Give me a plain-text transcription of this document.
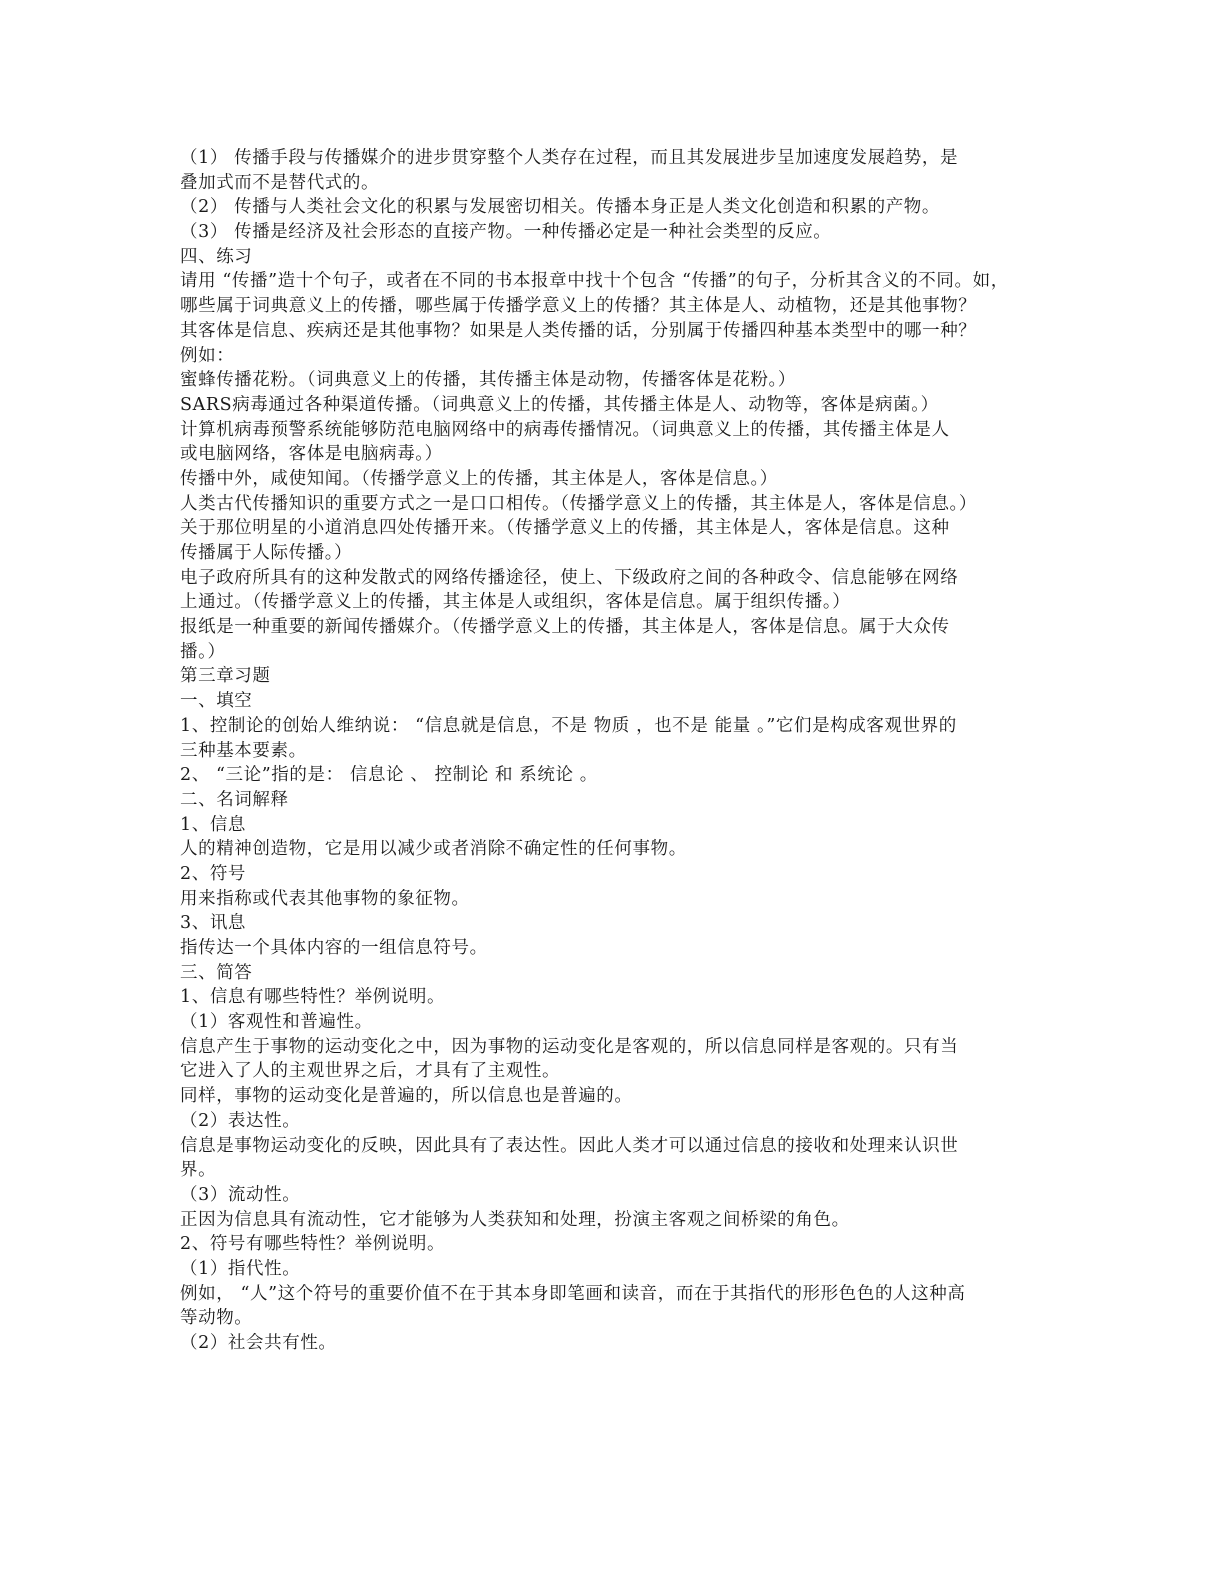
（1） 传播手段与传播媒介的进步贯穿整个人类存在过程，而且其发展进步呈加速度发展趋势，是
叠加式而不是替代式的。
（2） 传播与人类社会文化的积累与发展密切相关。传播本身正是人类文化创造和积累的产物。
（3） 传播是经济及社会形态的直接产物。一种传播必定是一种社会类型的反应。
四、练习
请用 “传播”造十个句子，或者在不同的书本报章中找十个包含 “传播”的句子，分析其含义的不同。如，
哪些属于词典意义上的传播，哪些属于传播学意义上的传播？其主体是人、动植物，还是其他事物？
其客体是信息、疾病还是其他事物？如果是人类传播的话，分别属于传播四种基本类型中的哪一种？
例如：
蜜蜂传播花粉。（词典意义上的传播，其传播主体是动物，传播客体是花粉。）
SARS病毒通过各种渠道传播。（词典意义上的传播，其传播主体是人、动物等，客体是病菌。）
计算机病毒预警系统能够防范电脑网络中的病毒传播情况。（词典意义上的传播，其传播主体是人
或电脑网络，客体是电脑病毒。）
传播中外，咸使知闻。（传播学意义上的传播，其主体是人，客体是信息。）
人类古代传播知识的重要方式之一是口口相传。（传播学意义上的传播，其主体是人，客体是信息。）
关于那位明星的小道消息四处传播开来。（传播学意义上的传播，其主体是人，客体是信息。这种
传播属于人际传播。）
电子政府所具有的这种发散式的网络传播途径，使上、下级政府之间的各种政令、信息能够在网络
上通过。（传播学意义上的传播，其主体是人或组织，客体是信息。属于组织传播。）
报纸是一种重要的新闻传播媒介。（传播学意义上的传播，其主体是人，客体是信息。属于大众传
播。）
第三章习题
一、填空
1、控制论的创始人维纳说： “信息就是信息，不是 物质 ，也不是 能量 。”它们是构成客观世界的
三种基本要素。
2、 “三论”指的是： 信息论 、 控制论 和 系统论 。
二、名词解释
1、信息
人的精神创造物，它是用以减少或者消除不确定性的任何事物。
2、符号
用来指称或代表其他事物的象征物。
3、讯息
指传达一个具体内容的一组信息符号。
三、简答
1、信息有哪些特性？举例说明。
（1）客观性和普遍性。
信息产生于事物的运动变化之中，因为事物的运动变化是客观的，所以信息同样是客观的。只有当
它进入了人的主观世界之后，才具有了主观性。
同样，事物的运动变化是普遍的，所以信息也是普遍的。
（2）表达性。
信息是事物运动变化的反映，因此具有了表达性。因此人类才可以通过信息的接收和处理来认识世
界。
（3）流动性。
正因为信息具有流动性，它才能够为人类获知和处理，扮演主客观之间桥梁的角色。
2、符号有哪些特性？举例说明。
（1）指代性。
例如， “人”这个符号的重要价值不在于其本身即笔画和读音，而在于其指代的形形色色的人这种高
等动物。
（2）社会共有性。
